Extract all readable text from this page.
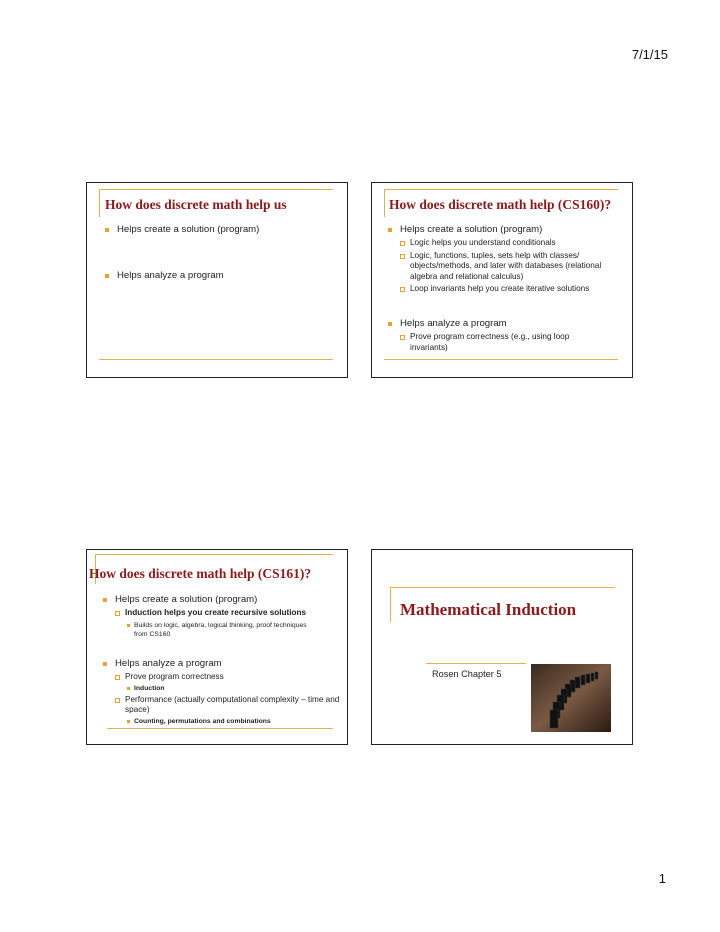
7/1/15
How does discrete math help us
Helps create a solution (program)
Helps analyze a program
How does discrete math help (CS160)?
Helps create a solution (program)
Logic helps you understand conditionals
Logic, functions, tuples, sets help with classes/ objects/methods, and later with databases (relational algebra and relational calculus)
Loop invariants help you create iterative solutions
Helps analyze a program
Prove program correctness (e.g., using loop invariants)
How does discrete math help (CS161)?
Helps create a solution (program)
Induction helps you create recursive solutions
Builds on logic, algebra, logical thinking, proof techniques from CS160
Helps analyze a program
Prove program correctness
Induction
Performance (actually computational complexity – time and space)
Counting, permutations and combinations
Mathematical Induction
Rosen Chapter 5
1
